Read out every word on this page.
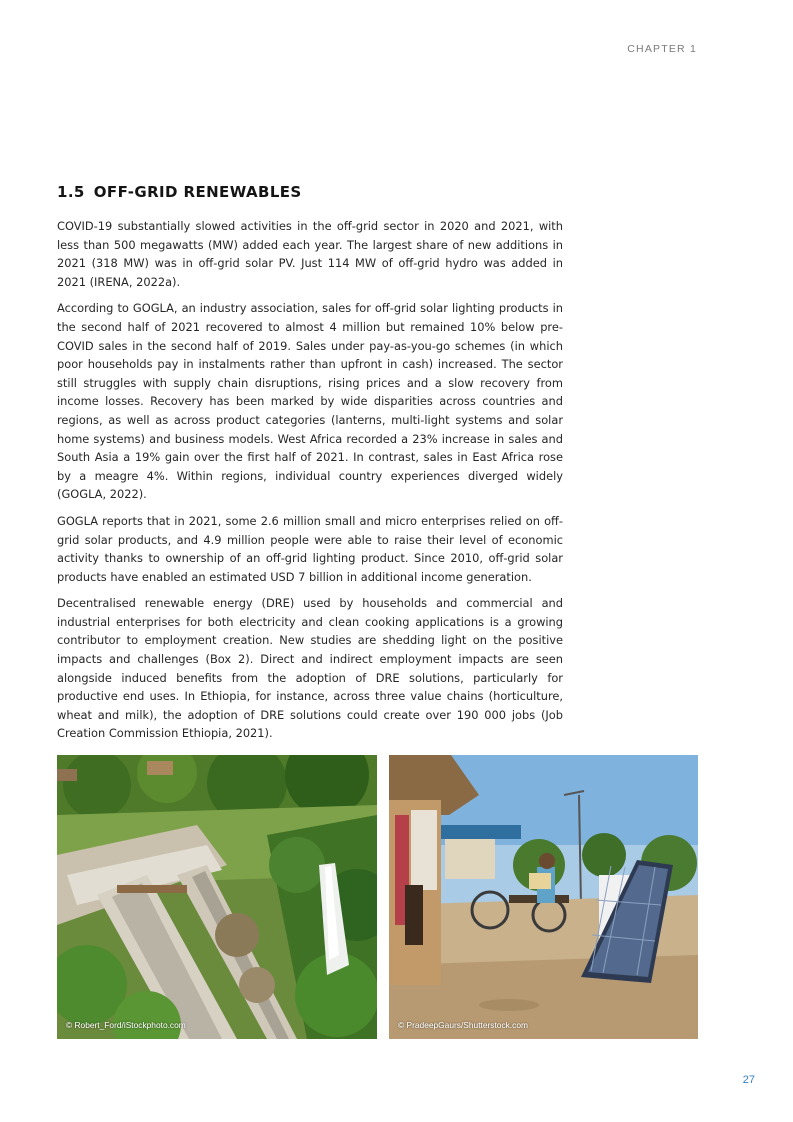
CHAPTER 1
1.5 OFF-GRID RENEWABLES

COVID-19 substantially slowed activities in the off-grid sector in 2020 and 2021, with less than 500 megawatts (MW) added each year. The largest share of new additions in 2021 (318 MW) was in off-grid solar PV. Just 114 MW of off-grid hydro was added in 2021 (IRENA, 2022a).

According to GOGLA, an industry association, sales for off-grid solar lighting products in the second half of 2021 recovered to almost 4 million but remained 10% below pre-COVID sales in the second half of 2019. Sales under pay-as-you-go schemes (in which poor households pay in instalments rather than upfront in cash) increased. The sector still struggles with supply chain disruptions, rising prices and a slow recovery from income losses. Recovery has been marked by wide disparities across countries and regions, as well as across product categories (lanterns, multi-light systems and solar home systems) and business models. West Africa recorded a 23% increase in sales and South Asia a 19% gain over the first half of 2021. In contrast, sales in East Africa rose by a meagre 4%. Within regions, individual country experiences diverged widely (GOGLA, 2022).

GOGLA reports that in 2021, some 2.6 million small and micro enterprises relied on off-grid solar products, and 4.9 million people were able to raise their level of economic activity thanks to ownership of an off-grid lighting product. Since 2010, off-grid solar products have enabled an estimated USD 7 billion in additional income generation.

Decentralised renewable energy (DRE) used by households and commercial and industrial enterprises for both electricity and clean cooking applications is a growing contributor to employment creation. New studies are shedding light on the positive impacts and challenges (Box 2). Direct and indirect employment impacts are seen alongside induced benefits from the adoption of DRE solutions, particularly for productive end uses. In Ethiopia, for instance, across three value chains (horticulture, wheat and milk), the adoption of DRE solutions could create over 190 000 jobs (Job Creation Commission Ethiopia, 2021).

© Robert_Ford/iStockphoto.com	© PradeepGaurs/Shutterstock.com
27
